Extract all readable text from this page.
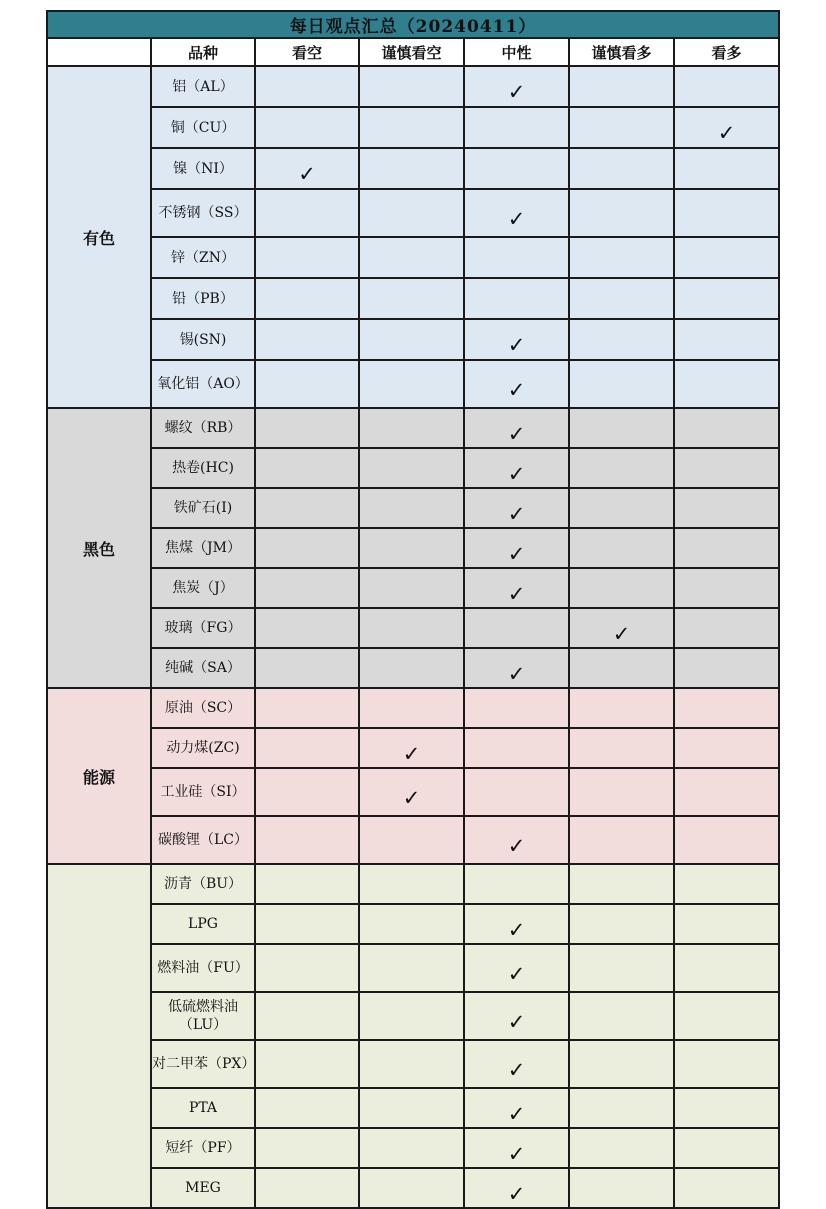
每日观点汇总（20240411）						
	品种	看空	谨慎看空	中性	谨慎看多	看多
有色	铝（AL）			✓		
	铜（CU）					✓
	镍（NI）	✓				
	不锈钢（SS）			✓		
	锌（ZN）					
	铅（PB）					
	锡(SN)			✓		
	氧化铝（AO）			✓		
黑色	螺纹（RB）			✓		
	热卷(HC)			✓		
	铁矿石(I)			✓		
	焦煤（JM）			✓		
	焦炭（J）			✓		
	玻璃（FG）				✓	
	纯碱（SA）			✓		
能源	原油（SC）					
	动力煤(ZC)		✓			
	工业硅（SI）		✓			
	碳酸锂（LC）			✓		
	沥青（BU）					
	LPG			✓		
	燃料油（FU）			✓		
	低硫燃料油（LU）			✓		
	对二甲苯（PX）			✓		
	PTA			✓		
	短纤（PF）			✓		
	MEG			✓		
